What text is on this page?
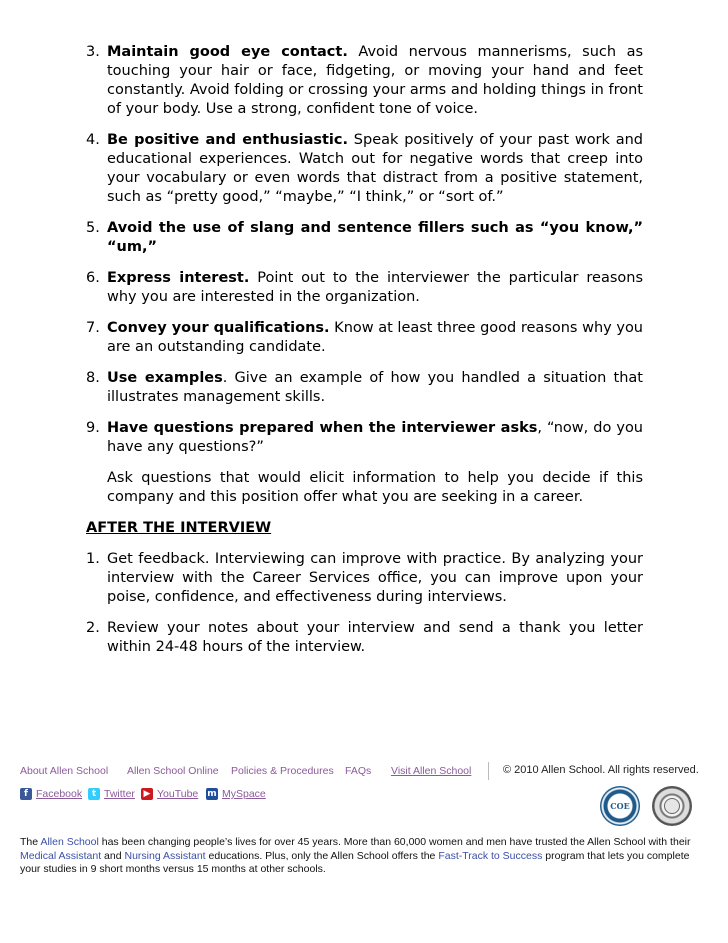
3. Maintain good eye contact. Avoid nervous mannerisms, such as touching your hair or face, fidgeting, or moving your hand and feet constantly. Avoid folding or crossing your arms and holding things in front of your body. Use a strong, confident tone of voice.
4. Be positive and enthusiastic. Speak positively of your past work and educational experiences. Watch out for negative words that creep into your vocabulary or even words that distract from a positive statement, such as “pretty good,” “maybe,” “I think,” or “sort of.”
5. Avoid the use of slang and sentence fillers such as “you know,” “um,”
6. Express interest. Point out to the interviewer the particular reasons why you are interested in the organization.
7. Convey your qualifications. Know at least three good reasons why you are an outstanding candidate.
8. Use examples. Give an example of how you handled a situation that illustrates management skills.
9. Have questions prepared when the interviewer asks, “now, do you have any questions?”
Ask questions that would elicit information to help you decide if this company and this position offer what you are seeking in a career.
AFTER THE INTERVIEW
1. Get feedback. Interviewing can improve with practice. By analyzing your interview with the Career Services office, you can improve upon your poise, confidence, and effectiveness during interviews.
2. Review your notes about your interview and send a thank you letter within 24-48 hours of the interview.
About Allen School Allen School Online Policies & Procedures FAQs Visit Allen School	© 2010 Allen School. All rights reserved.
f Facebook	t Twitter ▶ YouTube m MySpace
COE
The Allen School has been changing people’s lives for over 45 years. More than 60,000 women and men have trusted the Allen School with their Medical Assistant and Nursing Assistant educations. Plus, only the Allen School offers the Fast-Track to Success program that lets you complete your studies in 9 short months versus 15 months at other schools.
